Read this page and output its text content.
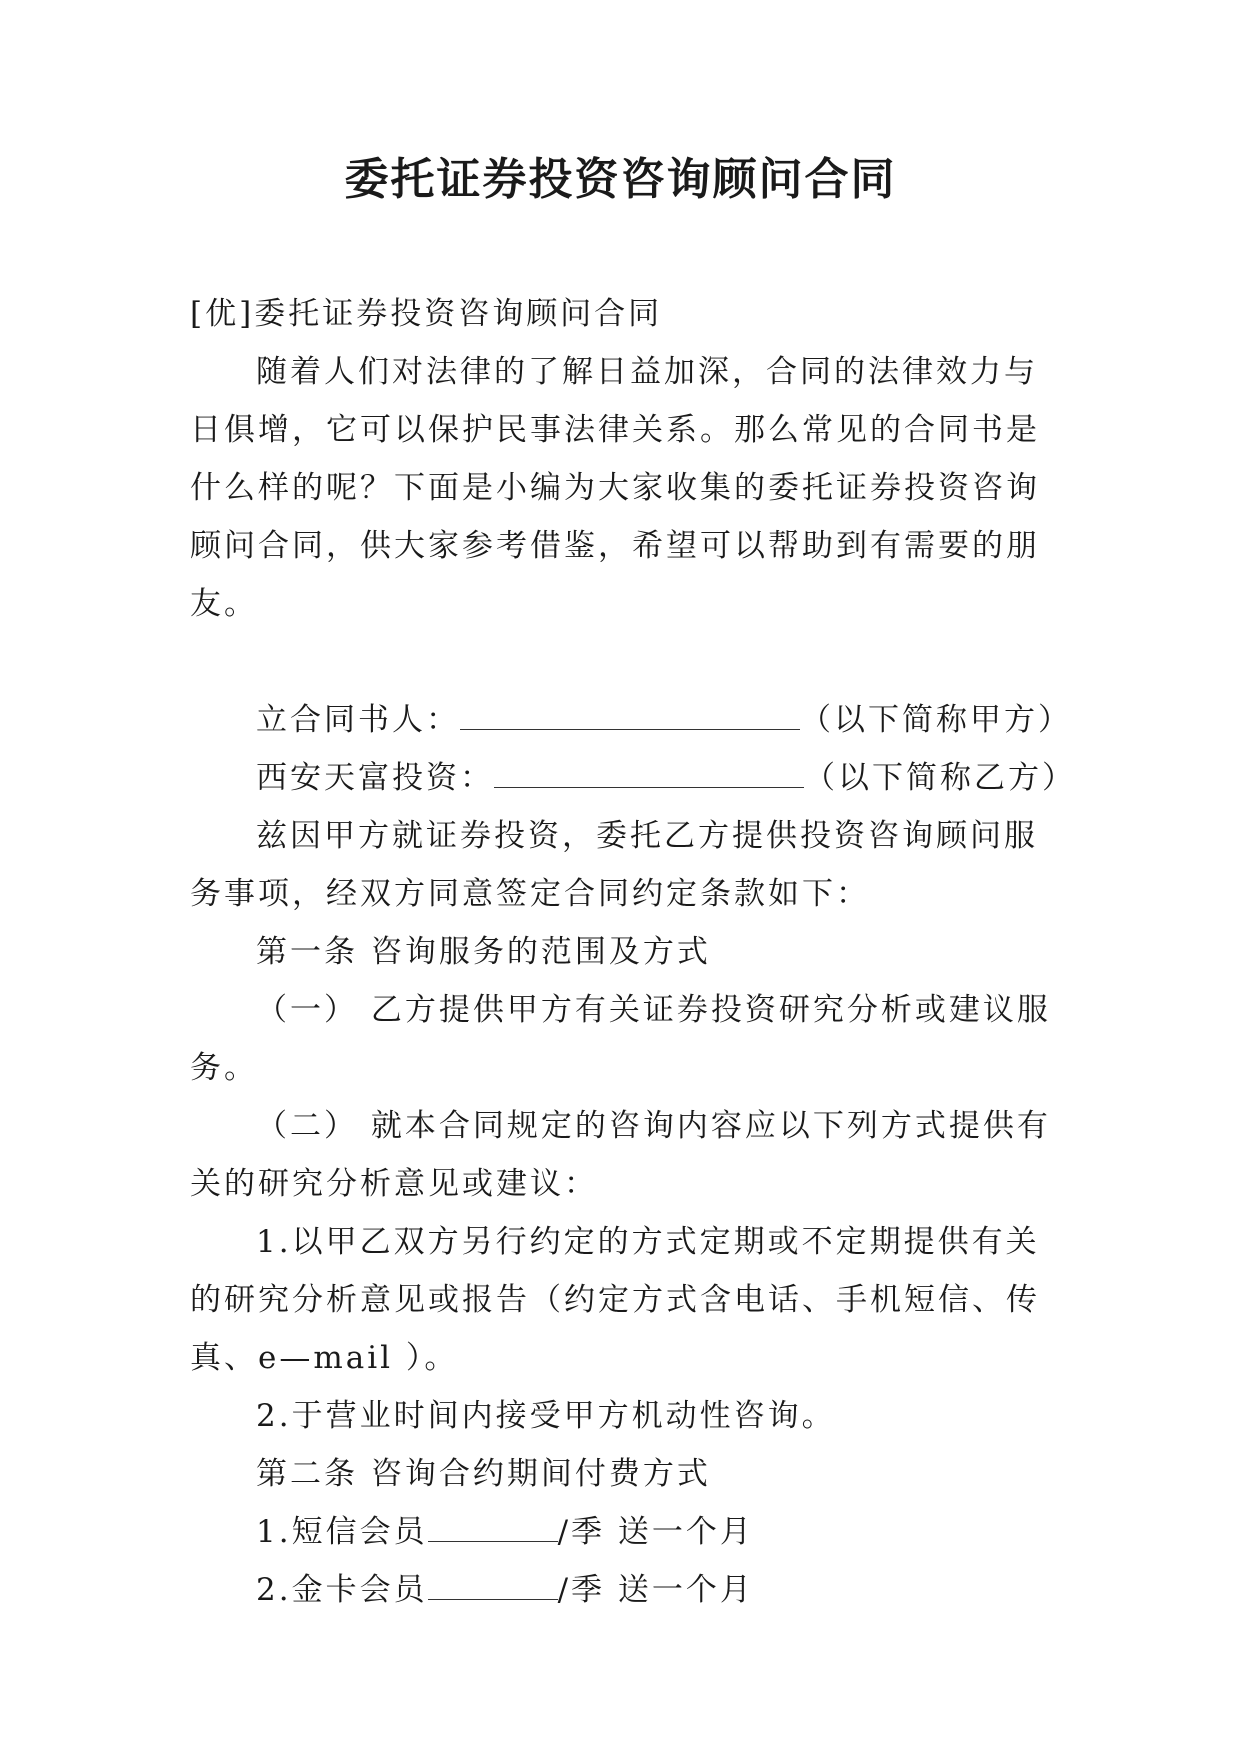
委托证券投资咨询顾问合同

[优]委托证券投资咨询顾问合同

随着人们对法律的了解日益加深，合同的法律效力与日俱增，它可以保护民事法律关系。那么常见的合同书是什么样的呢？下面是小编为大家收集的委托证券投资咨询顾问合同，供大家参考借鉴，希望可以帮助到有需要的朋友。

立合同书人：	（以下简称甲方）

西安天富投资：	（以下简称乙方）

兹因甲方就证券投资，委托乙方提供投资咨询顾问服务事项，经双方同意签定合同约定条款如下：

第一条 咨询服务的范围及方式

（一） 乙方提供甲方有关证券投资研究分析或建议服务。

（二） 就本合同规定的咨询内容应以下列方式提供有关的研究分析意见或建议：

1.以甲乙双方另行约定的方式定期或不定期提供有关的研究分析意见或报告（约定方式含电话、手机短信、传真、e—mail ）。

2.于营业时间内接受甲方机动性咨询。

第二条 咨询合约期间付费方式

1.短信会员	/季 送一个月

2.金卡会员	/季 送一个月
